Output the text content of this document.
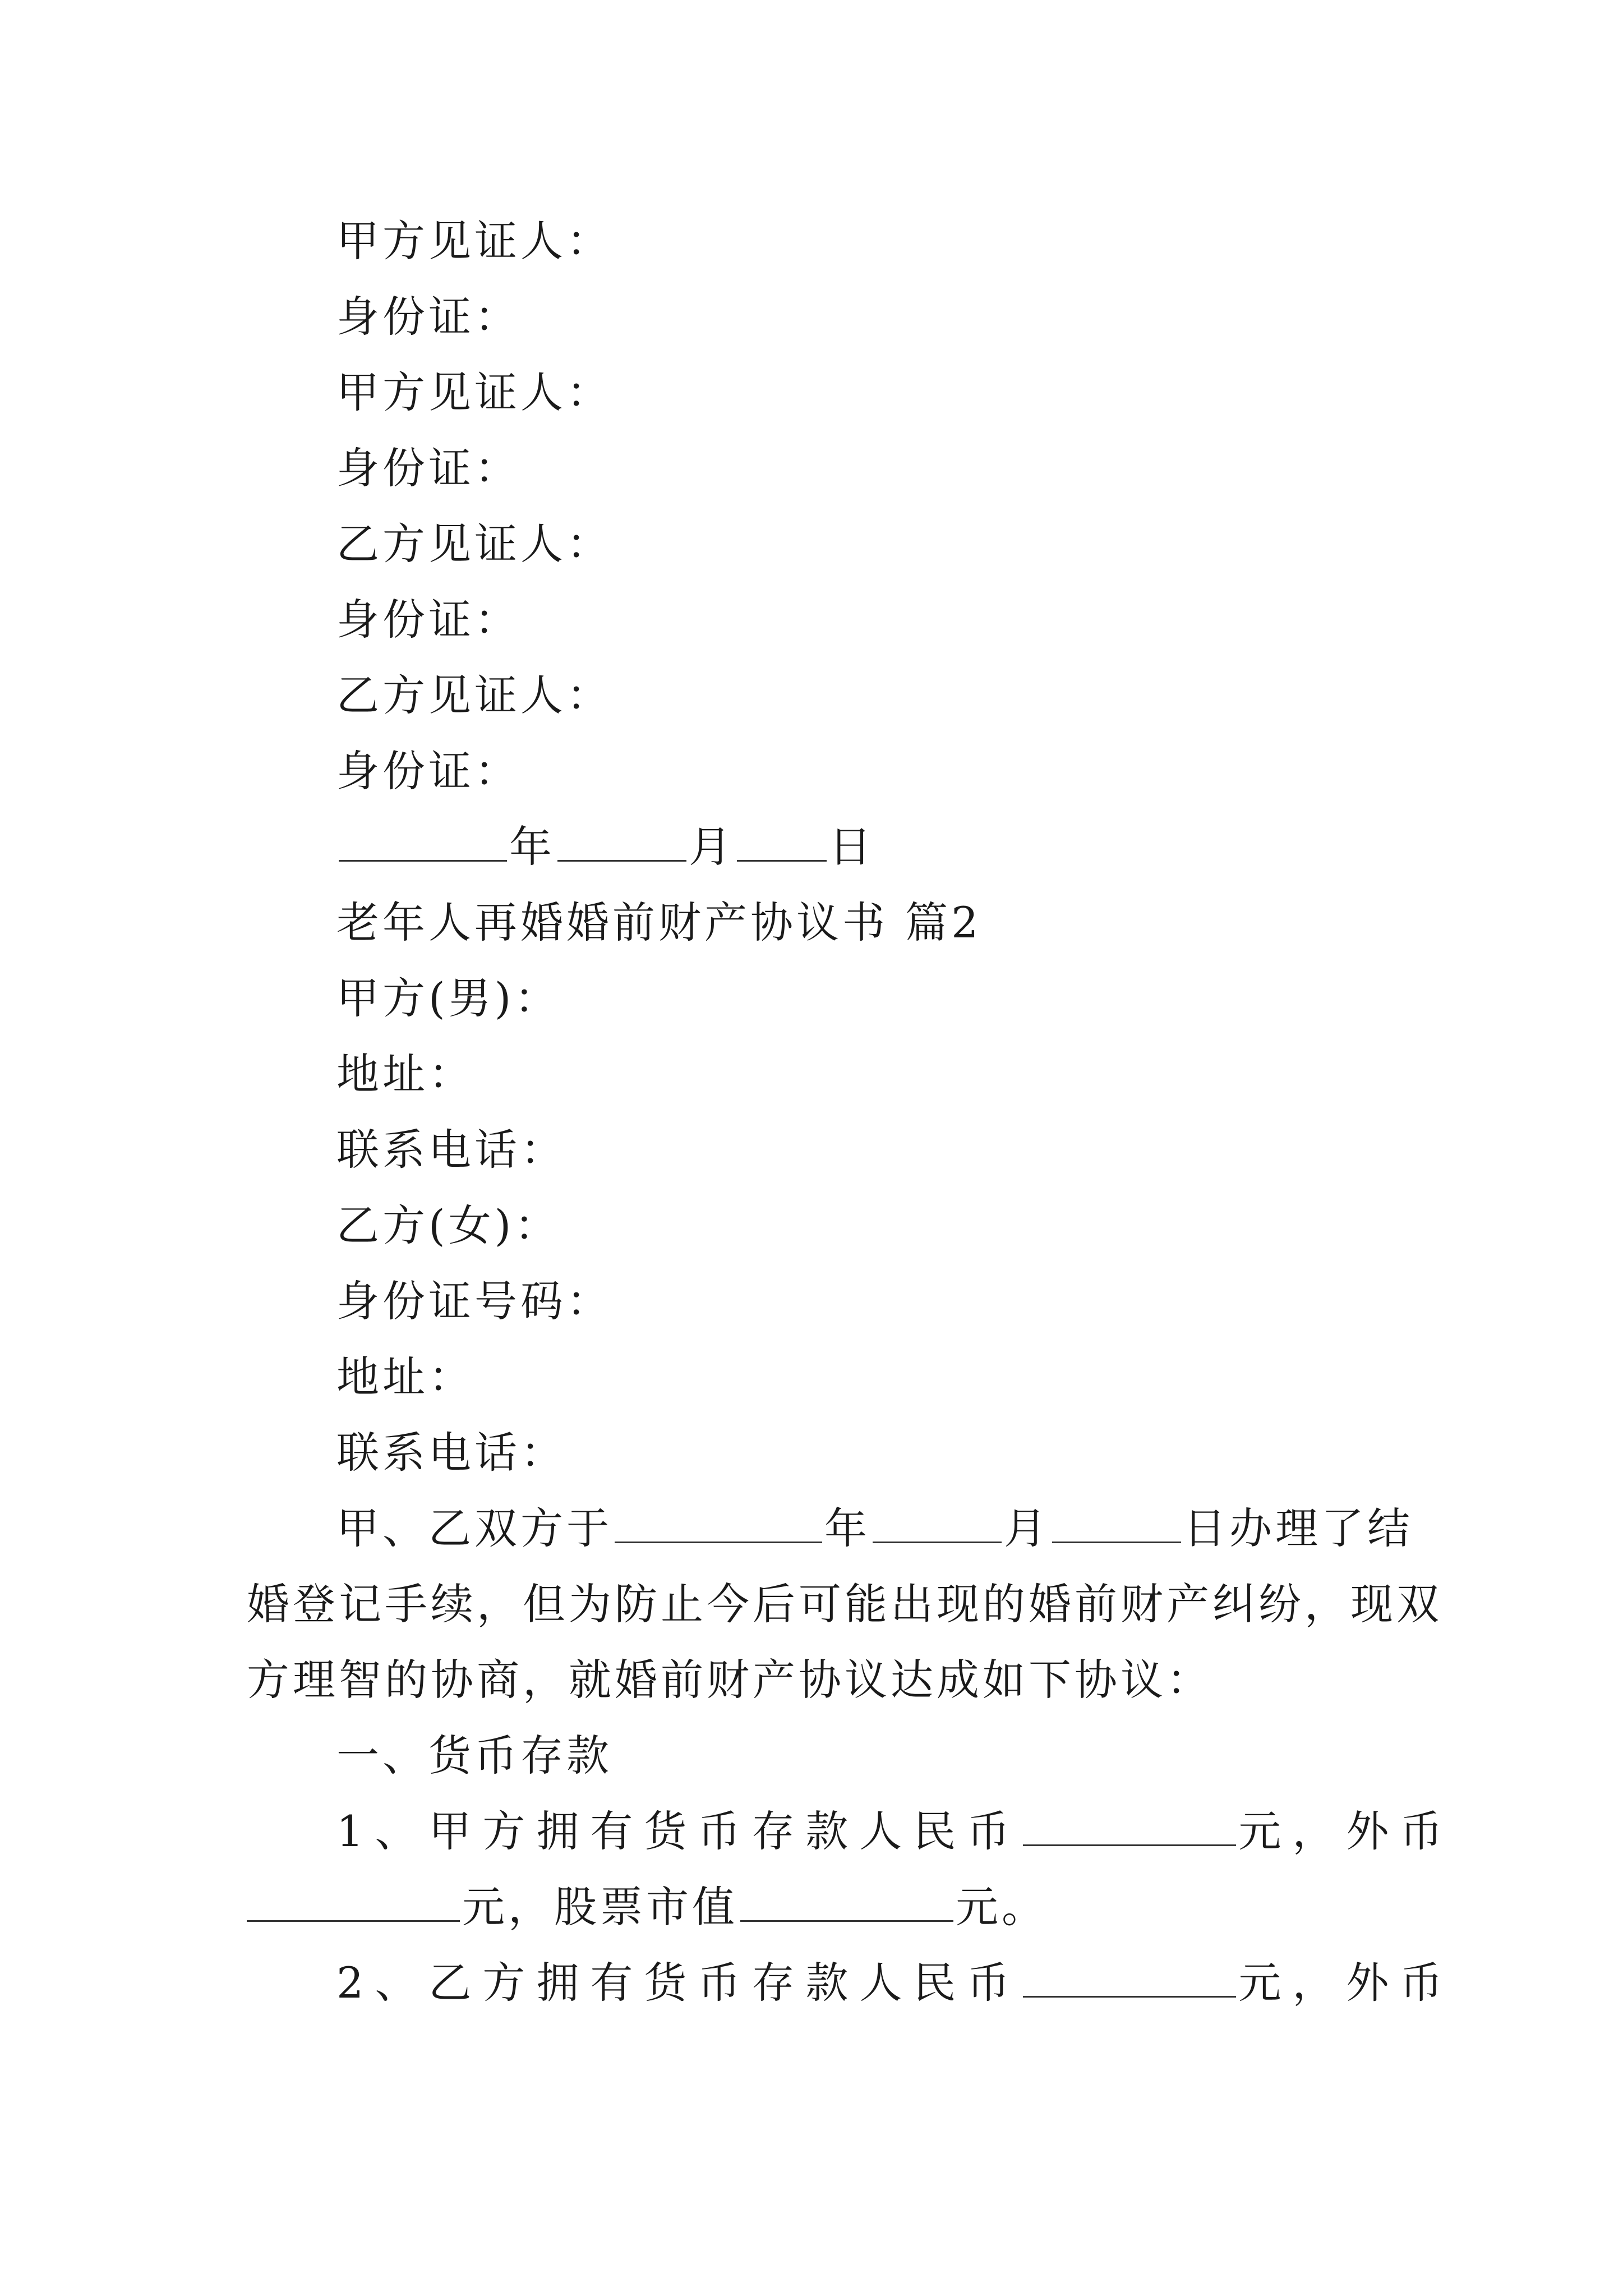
甲方见证人：
身份证：
甲方见证人：
身份证：
乙方见证人：
身份证：
乙方见证人：
身份证：
年	月 日
老年人再婚婚前财产协议书 篇2
甲方(男)：
地址：
联系电话：
乙方(女)：
身份证号码：
地址：
联系电话：
甲、乙双方于	年	月	日办理了结
婚登记手续，但为防止今后可能出现的婚前财产纠纷，现双
方理智的协商，就婚前财产协议达成如下协议：
一、货币存款
1、甲方拥有货币存款人民币	元，外币
元，股票市值	元。
2、乙方拥有货币存款人民币	元，外币
